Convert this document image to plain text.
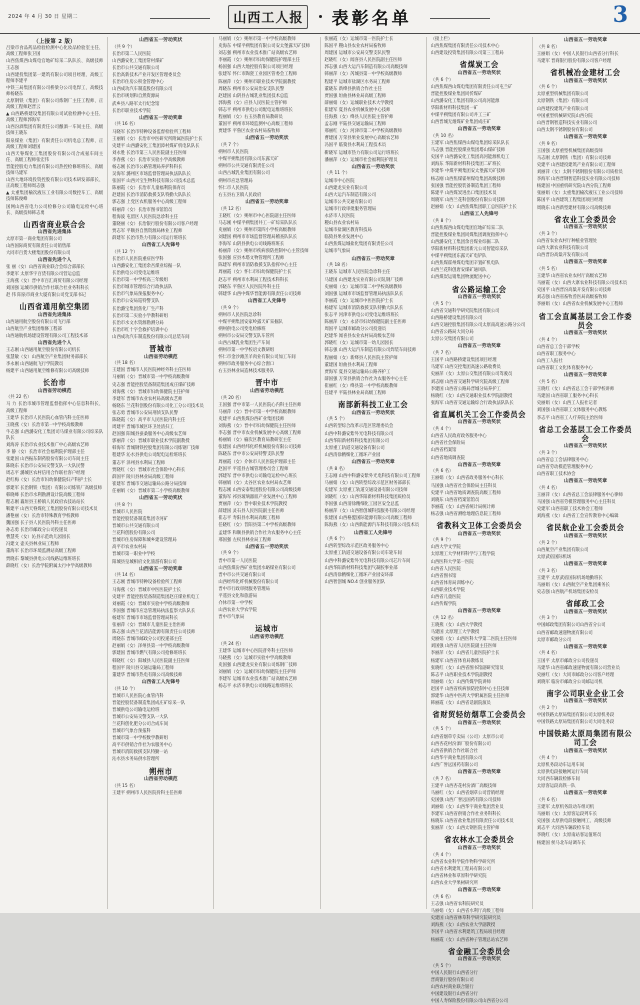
2024 年 4 月 30 日 星期二	山西工人报 表彰名单	3
（上接第 2 版）
吕梁市食品药品检验检测中心化妆品检验室主任、高级工程师张卫国
山西焦煤西山煤电官地矿综采二队队长、高级技师王志强
山西建投集团第一建筑有限公司项目经理、高级工程师李建平
中铁三局集团有限公司桥梁分公司电焊工、高级技师杨晓东
太原钢铁（集团）有限公司炼钢厂主任工程师、正高级工程师赵晋云
▲ 山西路桥建设集团有限公司试验检测中心主任、高级工程师郭海军
山西汾酒集团有限责任公司酿酒一车间主任、高级技师王晓东
阳泉煤业（集团）有限责任公司机电总工程师、正高级工程师刘建国
山西天脊煤化工集团股份有限公司合成氨车间主任、高级工程师张宏伟
晋能控股电力集团有限公司热控检修班班长、高级技师马建军
山西大地环境投资控股有限公司技术研发部部长、正高级工程师周志强
▲ 太重集团榆次液压工业有限公司数控车工、高级技师陈俊峰
国网山西省电力公司检修分公司输电运检中心班长、高级技师韩志勇
山西省商业联合会
山西省先进集体
太原市第一商业集团有限公司
山西国际商贸有限责任公司销售部
大同市百货大楼集团股份有限公司
山西省先进个人
张 丽（女）山西省商业联合会综合部部长
李建军 太原华宇百货有限公司营运总监
王海燕（女）晋中市百汇商贸有限公司经理
刘国强 运城市供销合作社联合社业务科科长
赵 伟 阳泉市商业大厦有限公司党支部书记
山西省通用航空集团
山西省先进集体
山西通用航空股份有限公司飞行部
山西航空产业集团维修工程部
山西通航机场建设管理有限公司工程技术部
山西省先进个人
王志刚 山西通用航空股份有限公司机长
张慧敏（女）山西航空产业集团财务部部长
李永刚 山西通航飞行学院教员
杨建平 山西通用航空维修有限公司高级技师
长治市
山西省劳动模范
（共 22 名）
马 力 长治市城市管理监督指挥中心信息科科长、高级工程师
王建华 长治市人民医院心血管内科主任医师
王晓燕（女）长治市第一中学校高级教师
牛志强 山西潞安化工集团司马煤业有限公司综采队队长
刘海涛 长治市农业技术推广中心高级农艺师
李 静（女）长治市社会福利院护理部主任
张建国 山西振东制药股份有限公司车间主任
陈晓东 长治市公安局交警支队一大队民警
周志平 潞城区农村信用合作联社客户经理
赵红梅（女）长治市妇幼保健院妇产科护士长
郭建军 长治钢铁（集团）有限公司炼铁厂高级技师
韩晓峰 长治市水利勘测设计院高级工程师
程志刚 襄垣县王桥镇人民政府农技站站长
靳建平 山西天脊煤化工集团股份有限公司技术员
潘艳丽（女）长治市特殊教育学校教师
魏国强 长子县人民医院外科主任医师
孙志勇 长治市邮政分公司投递员
曹慧英（女）沁县示范幼儿园园长
冯建文 壶关县林业局工程师
董海军 长治市环境监测站高级工程师
贾晓东 黎城县供电公司线路运维班班长
薛晓红（女）长治学院附属太行中学高级教师
山西省五一劳动奖状
（共 9 个）
长治市第二人民医院
山西潞安化工集团常村煤矿
长治市公共交通有限公司
长治高新技术产业开发区管理委员会
长治市住房公积金管理中心
山西成功汽车制造股份有限公司
长治市规划和自然资源局
武乡县八路军太行纪念馆
长治市职业技术学院
山西省五一劳动奖章
（共 16 名）
马晓军 长治市特种设备监督检验所工程师
王丽娟（女）长治市中医研究所附属医院护士长
史建平 山西潞安化工集团漳村煤矿机电队队长
刘永胜 长治市第三人民医院副主任医师
李春燕（女）长治市实验小学高级教师
杨志刚 长治市公路管理局养护科科长
吴海军 潞州区市场监督管理局执法队队长
张国平 山西兴宝生物科技有限公司技术总监
陈丽霞（女）长治市儿童福利院保育员
赵建国 长治市消防救援支队特勤大队队长
郭志强 上党区农机服务中心高级工程师
韩丽萍（女）长治市图书馆馆员
程海波 屯留区人民医院急诊科主任
董晓丽（女）长治银行股份有限公司客户经理
贾志军 平顺县自然资源局林业工程师
薛建军 长治市热力有限公司运行班班长
山西省工人先锋号
（共 12 个）
长治市人民医院重症医学科
山西潞安化工集团余吾煤业综掘一队
长治供电公司变电运维班
长治市第一中学校高三年级组
长治市城市管理综合行政执法队
长治市气象局预报服务中心
长治市公安局巡特警支队
长治潞宝集团焦化厂生产科
长治市第二实验小学教科研组
长治市水文水资源勘测分局
长治市红十字会救护培训中心
山西成功汽车制造股份有限公司总装车间
晋城市
山西省劳动模范
（共 18 名）
王建国 晋城市人民医院神经外科主任医师
马丽娟（女）晋城市第一中学校高级教师
史志强 晋能控股装备制造集团成庄煤矿技师
刘海燕（女）晋城市妇幼保健院主任护师
李建军 晋城市农业农村局高级农艺师
杨晓东 兰花科创股份有限公司化工分公司技术员
张志勇 晋城市公安局刑侦支队民警
陈晓霞（女）高平市人民医院内科主任
周建平 晋城市城区环卫处清扫工
赵国强 阳城县蚕桑服务中心高级农艺师
郭丽萍（女）晋城市职业技术学院副教授
韩海军 晋城钢铁控股集团有限公司炼钢厂技师
程建华 沁水县供电公司配电运检班班长
董志平 泽州县水利局工程师
贾晓红（女）晋城市社会保险中心科长
薛国平 陵川县林业局高级工程师
崔建军 晋城市交通运输局公路分局技师
任丽娟（女）晋城市第二小学校高级教师
山西省五一劳动奖状
（共 8 个）
晋城市人民医院
晋能控股装备制造集团寺河矿
晋城市公共交通有限公司
兰花科创股份有限公司
晋城市住房保障和城乡建设管理局
高平市农业农村局
晋城市第一职业中学校
阳城县皇城相府文化旅游有限公司
山西省五一劳动奖章
（共 14 名）
王志刚 晋城市特种设备检验所工程师
马海燕（女）晋城市中医医院护士长
史建平 晋能控股装备制造集团赵庄煤业机电工
刘丽霞（女）晋城市实验中学校高级教师
李国强 晋城市应急管理局执法监察大队队长
杨建军 晋城市市场监督管理局科长
张丽萍（女）晋城市儿童医院主治医师
陈志强 山西兰花清洁能源有限责任公司技师
周晓东 晋城市邮政分公司投递部主任
赵丽娟（女）泽州县第一中学校高级教师
郭建国 晋城市燃气有限公司抢修班班长
韩晓红（女）阳城县人民医院副主任医师
程国平 陵川县交通运输局工程师
董建华 晋城市热电有限公司高级技师
山西省工人先锋号
（共 10 个）
晋城市人民医院心血管内科
晋能控股装备制造集团成庄矿综采一队
晋城供电公司输电运检班
晋城市公安局交警支队一大队
兰花科创化肥分公司合成车间
晋城市气象台预报科
晋城市第一中学校数学教研组
高平市供销合作社为农服务中心
晋城市消防救援支队特勤一站
沁水县水务局供水管理所
朔州市
山西省劳动模范
（共 15 名）
王建平 朔州市人民医院骨科主任医师
马丽娟（女）朔州市第一中学校高级教师
史海东 中煤平朔集团有限公司安太堡露天矿技师
刘志强 朔州市农业技术推广站高级农艺师
李丽霞（女）朔州市妇幼保健院护理部主任
杨国强 山西大地控股有限公司项目经理
张建军 怀仁市陶瓷工业园区管委会工程师
陈丽萍（女）朔州市职业技术学院副教授
周晓东 朔州市公安局治安支队民警
赵建国 山阴县古城乳业集团技术总监
郭海燕（女）应县人民医院主管护师
韩志平 朔州市供电公司配电运维班班长
程丽娟（女）右玉县教育局教研员
董国平 朔州市环境监测中心高级工程师
贾建华 平鲁区农业农村局畜牧师
山西省五一劳动奖状
（共 7 个）
朔州市人民医院
中煤平朔集团有限公司东露天矿
朔州市公共交通有限责任公司
山西古城乳业集团有限公司
朔州市应急管理局
怀仁市人民医院
右玉县右卫镇人民政府
山西省五一劳动奖章
（共 12 名）
王晓红（女）朔州市中心医院副主任医师
马志刚 中煤平朔集团井工一矿综采队队长
史丽娟（女）朔州市第四小学校高级教师
刘建国 朔州市市场监督管理局稽查队队长
李海军 山阴县供电公司线路班班长
杨丽萍（女）朔州市疾病预防控制中心主管技师
张国强 应县木塔文物管理所工程师
陈建军 朔州市消防救援支队指挥中心主任
周丽霞（女）怀仁市妇幼保健院护士长
赵志平 朔州市水利局工程技术科科长
郭晓东 平鲁区人民医院外科主任
韩建华 山西中煤华晋能源有限责任公司技师
山西省工人先锋号
（共 9 个）
朔州市人民医院急诊科
中煤平朔集团安家岭露天矿采掘队
朔州供电公司变电检修班
朔州市公安局交警支队车管所
山西古城乳业集团生产车间
朔州市第一中学校语文教研组
怀仁市金沙滩羔羊肉业有限公司加工车间
朔州市政务服务中心综合窗口
右玉县林业局造林技术服务队
晋中市
山西省劳动模范
（共 20 名）
王国强 晋中市第一人民医院心内科主任医师
马丽萍（女）晋中市第一中学校高级教师
史建平 山西焦煤汾西矿业集团技师
刘海燕（女）晋中市妇幼保健院主任医师
李志强 晋中市农业机械发展中心高级工程师
杨丽娟（女）榆次区教育局教研室主任
张建国 山西经纬化纤机械股份有限公司技师
陈晓东 晋中市公安局特警支队民警
周丽霞（女）介休市人民医院护理部主任
赵国平 平遥县古城管理委员会工程师
郭建军 晋中市供电公司输电运检中心班长
韩丽娟（女）太谷区农业农村局农艺师
程志刚 山西安泰集团股份有限公司高级技师
董海军 祁县玻璃器皿产业发展中心工程师
贾丽萍（女）晋中职业技术学院教授
薛建国 灵石县人民医院副主任医师
崔志平 寿阳县水利局高级工程师
任晓红（女）昔阳县第二中学校高级教师
孟建华 和顺县供销合作社为农服务中心主任
邢国强 左权县林业局工程师
山西省五一劳动奖状
（共 9 个）
晋中市第一人民医院
山西焦煤汾西矿业集团水峪煤业有限公司
晋中市公共交通有限公司
山西经纬化纤机械股份有限公司
晋中市行政审批服务管理局
平遥县文化和旅游局
介休市第一中学校
山西农业大学农学院
晋中市气象局
运城市
山西省劳动模范
（共 24 名）
王建华 运城市中心医院普外科主任医师
马晓燕（女）运城市实验中学高级教师
史国强 山西建龙实业有限公司炼钢厂技师
刘丽娟（女）运城市妇幼保健院主任护师
李建军 运城市农业技术推广站高级农艺师
杨志平 永济市供电公司线路运维班班长
张丽霞（女）运城市第一医院护士长
陈国平 稷山县农业农村局畜牧师
周建国 运城市公安局交警支队民警
赵晓红（女）闻喜县人民医院副主任医师
郭志强 山西大运汽车制造有限公司高级技师
韩丽萍（女）芮城县第一中学校高级教师
程建平 运城市盐湖区水务局工程师
董晓东 新绛县供销合作社主任
贾国强 垣曲县林业局高级工程师
薛丽娟（女）运城职业技术大学教授
崔建军 夏县农业机械发展中心技师
任海燕（女）绛县人民医院主管护师
孟志刚 平陆县交通运输局工程师
邢丽红（女）河津市第二中学校高级教师
曹建国 万荣县果业发展中心高级农艺师
冯国平 临猗县水利局工程技术员
靳晓军 运城市热力有限公司运行班班长
潘丽萍（女）运城市社会福利院护理员
山西省五一劳动奖状
（共 11 个）
运城市中心医院
山西建龙实业有限公司
山西大运汽车制造有限公司
运城市公共交通有限公司
运城市行政审批服务管理局
永济市人民医院
稷山县农业农村局
运城市盐湖区教育科技局
临猗县果业发展中心
山西焦煤运城盐化集团有限责任公司
运城市气象局
山西省五一劳动奖章
（共 18 名）
王晓东 运城市人民医院急诊科主任
马建国 山西建龙实业有限公司轧钢厂技师
史丽娟（女）运城市第二中学校高级教师
刘国强 运城市市场监督管理局执法队队长
李丽霞（女）运城市中医医院护士长
杨建军 运城市消防救援支队特勤大队队长
张志平 河津市供电公司变电运维班班长
陈丽萍（女）永济市妇幼保健院副主任医师
周国平 运城市邮政分公司投递员
赵建华 闻喜县农业农村局高级农艺师
郭晓红（女）运城市第一幼儿园园长
韩志强 山西大运汽车制造有限公司焊装车间技师
程丽娟（女）新绛县人民医院主管护师
董建国 垣曲县水利局工程师
贾海军 夏县交通运输局公路养护工
薛国强 万荣县供销合作社为农服务中心主任
崔丽红（女）绛县第一中学校高级教师
任建平 平陆县林业局高级工程师
南部新科技工业工会
山西省五一劳动奖状
（共 5 个）
山西转型综合改革示范区管理委员会
山西中科潞安紫外光电科技有限公司
山西华阳新材料科技集团有限公司
太原重工轨道交通设备有限公司
山西清徐精细化工循环产业园
山西省五一劳动奖章
（共 8 名）
王志刚 山西中科潞安紫外光电科技有限公司工程师
马丽娟（女）山西转型综改示范区财务部部长
史建军 太原重工轨道交通设备有限公司技师
刘晓红（女）山西华阳新材料科技集团质检员
李国强 山西清徐精细化工园区安全总监
杨丽萍（女）山西智创城科技服务有限公司经理
张建国 山西格盟国际能源有限公司高级工程师
陈海燕（女）山西新能源汽车科技有限公司技术员
山西省工人先锋号
（共 6 个）
山西转型综改示范区政务服务中心
太原重工轨道交通设备有限公司车轮车间
山西中科潞安紫外光电科技有限公司芯片车间
山西华阳新材料科技集团气凝胶事业部
山西清徐精细化工循环产业园安环部
山西智创城 NO.4 创业服务团队
（接上栏）
山西焦煤集团有限责任公司技术中心
山西建设投资集团有限公司第三工程局
省煤炭工会
山西省五一劳动奖状
（共 6 个）
山西焦煤西山煤电集团有限责任公司屯兰矿
晋能控股煤业集团同忻煤矿
山西潞安化工集团有限公司高河能源
华阳新材料科技集团一矿
中煤平朔集团有限公司井工三矿
山西晋城无烟煤矿业集团成庄矿
山西省五一劳动奖章
（共 10 名）
王建军 山西焦煤西山煤电集团综采队队长
马志强 晋能控股煤业集团塔山煤矿技师
史国平 山西潞安化工集团高河能源机电工
刘海东 华阳新材料科技集团二矿班长
李建华 中煤平朔集团安太堡露天矿技师
杨志刚 山西焦煤霍州煤电集团高级技师
张国强 晋能控股装备制造集团工程师
陈建平 山西煤炭进出口集团技术员
周晓军 山西兰花科创股份有限公司技师
赵丽娟（女）山西焦煤集团职工总医院护士长
山西省工人先锋号
（共 8 个）
山西焦煤西山煤电集团官地矿综采二队
晋能控股煤业集团同煤集团调度指挥中心
山西潞安化工集团余吾煤业综掘二队
华阳新材料科技集团新元公司智能综采队
中煤平朔集团东露天矿电铲队
山西焦煤霍州煤电集团辛置矿机电队
山西兰花科创唐安煤矿通风队
山西煤炭运销集团物流配送中心
省公路运输工会
山西省五一劳动奖状
（共 5 个）
山西省交通科学研究院集团有限公司
山西路桥建设集团有限公司
山西交通控股集团有限公司太原南高速公路分公司
山西省公路局大同分局
太原公交集团有限公司
山西省五一劳动奖章
（共 7 名）
王国平 山西路桥建设集团项目经理
马建军 山西交控集团高速公路收费员
史丽萍（女）太原公交集团有限公司驾驶员
刘志刚 山西省交通科学研究院高级工程师
李建国 山西省公路局晋城分局养护工
杨晓红（女）山西交通职业技术学院副教授
张海军 山西省交通运输综合行政执法队队长
省直属机关工会工作委员会
山西省五一劳动奖状
（共 4 个）
山西省人民政府政务服务中心
山西省社会保险局
山西省档案馆
山西省地质调查院
山西省五一劳动奖章
（共 6 名）
王丽娟（女）山西省政务服务中心科长
马国强 山西省社会保险局主任科员
史建平 山西省地质调查院高级工程师
刘晓东 山西省档案馆馆员
李丽霞（女）山西省统计局统计师
杨志强 山西省测绘地理信息院工程师
省教科文卫体工会委员会
山西省五一劳动奖状
（共 9 个）
山西大学文学院
太原理工大学材料科学与工程学院
山西医科大学第一医院
山西省人民医院
山西省图书馆
山西省体育局训练中心
山西职业技术学院
山西省儿童医院
山西传媒学院
山西省五一劳动奖章
（共 12 名）
王晓燕（女）山西大学教授
马建国 太原理工大学教授
史丽娟（女）山西医科大学第二医院主任医师
刘国强 山西省人民医院副主任医师
李丽萍（女）山西省儿童医院护士长
杨建军 山西省体育局教练员
张晓红（女）山西省图书馆副研究馆员
陈志平 山西职业技术学院副教授
周丽娟（女）山西传媒学院讲师
赵国平 山西省疾病预防控制中心主任技师
郭建华 山西中医药大学附属医院主任医师
韩丽霞（女）山西省话剧院演员
省财贸轻纺烟草工会委员会
山西省五一劳动奖状
（共 5 个）
山西省烟草专卖局（公司）太原市公司
山西杏花村汾酒厂股份有限公司
山西省供销合作社联合社
山西华宇商业集团有限公司
山西广誉远国药有限公司
山西省五一劳动奖章
（共 7 名）
王建平 山西杏花村汾酒厂高级技师
马丽红（女）山西省烟草公司营销经理
史国强 山西广誉远国药有限公司技师
刘丽娟（女）山西华宇商业集团营业员
李建军 山西省供销合作社业务科科长
杨晓东 山西省盐业集团有限责任公司技术员
张丽萍（女）山西太钢医院主管护师
省农林水工会委员会
山西省五一劳动奖状
（共 4 个）
山西省农业科学院作物科学研究所
山西省水利建筑工程局有限公司
山西省林业和草原科学研究院
山西农业大学果树研究所
山西省五一劳动奖章
（共 6 名）
王志强 山西省农科院研究员
马丽娟（女）山西省水利厅高级工程师
史建国 山西省林草科学研究院研究员
刘海燕（女）山西农业大学副教授
李国平 山西省水利建筑工程局项目经理
杨丽霞（女）山西省种子管理总站农艺师
省金融工会委员会
山西省五一劳动奖状
（共 5 个）
中国人民银行山西省分行
晋商银行股份有限公司
山西农村商业联合银行
中国建设银行山西省分行
中国人寿保险股份有限公司山西省分公司
山西省五一劳动奖章
（共 8 名）
王丽娟（女）中国人民银行山西省分行科长
马建军 晋商银行股份有限公司客户经理
省机械冶金建材工会
山西省五一劳动奖状
（共 6 个）
太原重型机械集团有限公司
太原钢铁（集团）有限公司
山西建投建筑产业有限公司
中国重型机械研究院山西分院
山西晋钢智造科技实业有限公司
山西太钢不锈钢股份有限公司
山西省五一劳动奖章
（共 9 名）
王国强 太原重型机械集团高级技师
马志刚 太原钢铁（集团）有限公司技师
史建平 山西建投建筑产业有限公司工程师
刘丽萍（女）太钢不锈钢股份有限公司质检员
李海军 山西晋钢智造科技实业有限公司技师
杨建国 中国重机研究院山西分院工程师
张丽娟（女）太重集团榆次液压工业公司技师
陈国平 山西建筑工程集团项目经理
周晓东 山西新型建材有限公司高级技师
省农业工会委员会
山西省五一劳动奖状
（共 3 个）
山西省农业农村厅种植业管理处
山西大寨农业科技有限公司
山西晋汾高粱开发有限公司
山西省五一劳动奖章
（共 5 名）
王建华 山西省农业农村厅高级农艺师
马丽霞（女）山西大寨农业科技有限公司技术员
史国平 山西晋汾高粱开发有限公司技师
刘志强 山西省畜牧兽医局高级畜牧师
李丽娟（女）山西省农业机械发展中心工程师
省工会直属基层工会工作委员会
山西省五一劳动奖状
（共 4 个）
山西省总工会干部学校
山西省职工服务中心
山西工人报社
山西省职工文化体育服务中心
山西省五一劳动奖章
（共 5 名）
王晓红（女）山西省总工会干部学校讲师
马建国 山西省职工服务中心科长
史丽娟（女）山西工人报社记者
刘国强 山西省职工文体服务中心教练
李志平 山西省工人疗养院主治医师
省总工会基层工会工作委员会
山西省五一劳动奖状
（共 3 个）
山西省总工会法律服务中心
山西省劳动模范管理服务中心
山西省职工技术协会
山西省五一劳动奖章
（共 4 名）
王丽萍（女）山西省总工会法律服务中心律师
马国强 山西省劳模管理服务中心主任科员
史建军 山西省职工技术协会工程师
刘海燕（女）山西省工会宣传教育中心编辑
省民航企业工会委员会
山西省五一劳动奖状
（共 2 个）
山西航空产业集团有限公司
太原武宿国际机场
山西省五一劳动奖章
（共 3 名）
王建平 太原武宿国际机场地勤班长
马丽娟（女）山西航空产业集团乘务长
史志强 山西航产机场集团安检员
省邮政工会
山西省五一劳动奖状
（共 3 个）
中国邮政集团有限公司山西省分公司
山西省邮政速递物流有限公司
太原市邮政分公司
山西省五一劳动奖章
（共 4 名）
王国平 太原市邮政分公司投递员
马建华 山西省邮政速递物流有限公司营业员
史丽红（女）大同市邮政分公司客户经理
刘晓军 临汾市邮政分公司邮运司机
南字公司职业企业工会
山西省五一劳动奖状
（共 2 个）
中国铁路太原局集团有限公司太原机务段
中国铁路太原局集团有限公司大同电务段
中国铁路太原局集团有限公司工会
山西省五一劳动奖状
（共 4 个）
太原机务段动车运用车间
太原供电段接触网运行车间
大同西车辆段检修车间
太原客运段高铁一队
山西省五一劳动奖章
（共 6 名）
王建军 太原机务段动车组司机
马丽娟（女）太原客运段列车长
史国强 太原供电段接触网工、高级技师
刘志平 大同西车辆段检车员
李晓红（女）太原南站客运值班员
杨建国 侯马北车站调车长
